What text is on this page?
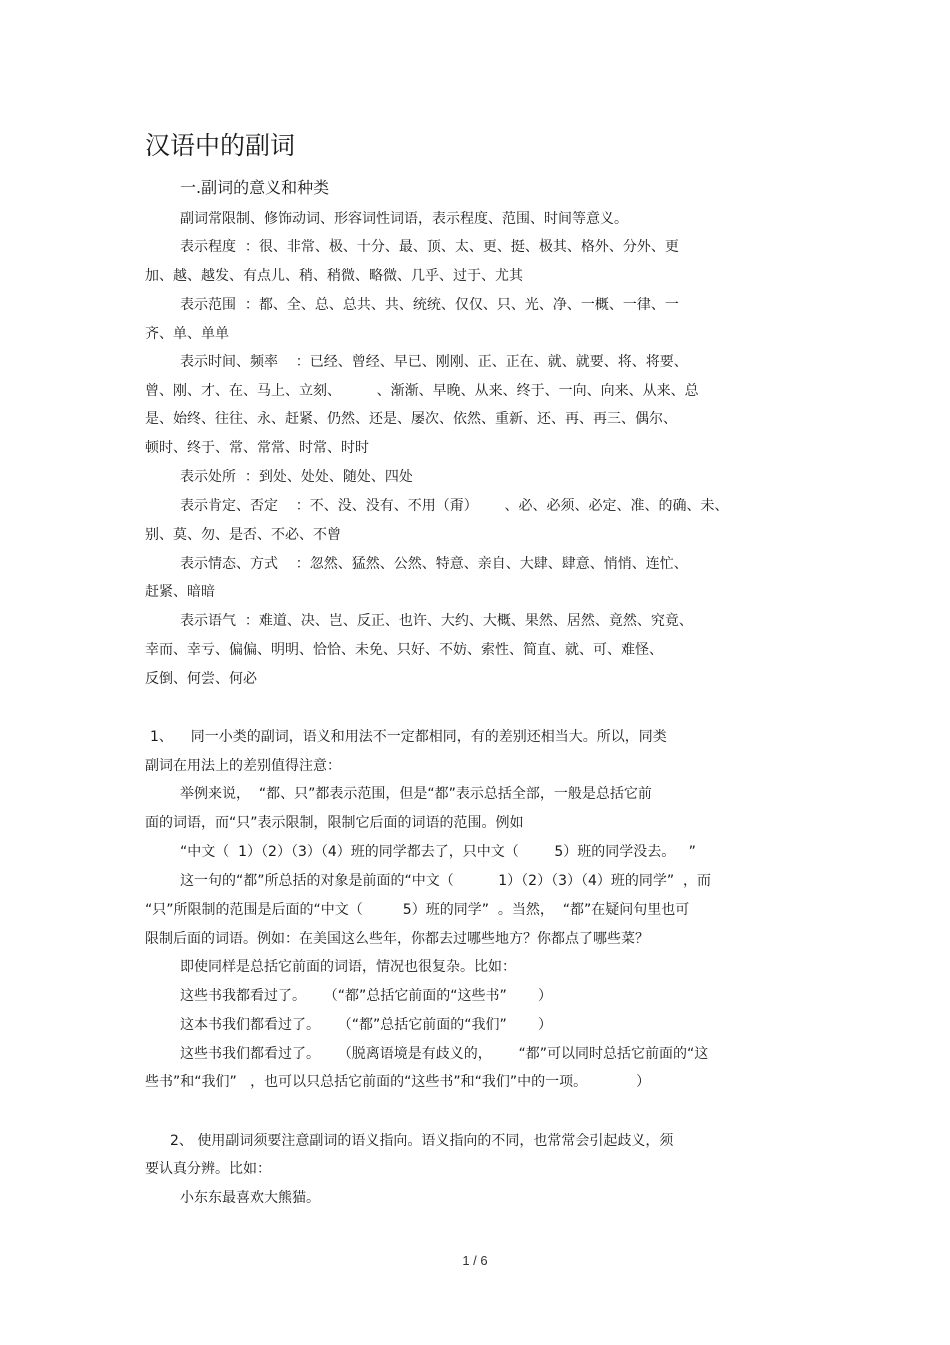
汉语中的副词
一.副词的意义和种类
副词常限制、修饰动词、形容词性词语，表示程度、范围、时间等意义。
表示程度  ：很、非常、极、十分、最、顶、太、更、挺、极其、格外、分外、更
加、越、越发、有点儿、稍、稍微、略微、几乎、过于、尤其
表示范围  ：都、全、总、总共、共、统统、仅仅、只、光、净、一概、一律、一
齐、单、单单
表示时间、频率    ：已经、曾经、早已、刚刚、正、正在、就、就要、将、将要、
曾、刚、才、在、马上、立刻、        、渐渐、早晚、从来、终于、一向、向来、从来、总
是、始终、往往、永、赶紧、仍然、还是、屡次、依然、重新、还、再、再三、偶尔、
顿时、终于、常、常常、时常、时时
表示处所  ：到处、处处、随处、四处
表示肯定、否定    ：不、没、没有、不用（甭）      、必、必须、必定、准、的确、未、
别、莫、勿、是否、不必、不曾
表示情态、方式    ：忽然、猛然、公然、特意、亲自、大肆、肆意、悄悄、连忙、
赶紧、暗暗
表示语气  ：难道、决、岂、反正、也许、大约、大概、果然、居然、竟然、究竟、
幸而、幸亏、偏偏、明明、恰恰、未免、只好、不妨、索性、简直、就、可、难怪、
反倒、何尝、何必
1、    同一小类的副词，语义和用法不一定都相同，有的差别还相当大。所以，同类
副词在用法上的差别值得注意：
举例来说，  “都、只”都表示范围，但是“都”表示总括全部，一般是总括它前
面的词语，而“只”表示限制，限制它后面的词语的范围。例如
“中文（  1）（2）（3）（4）班的同学都去了，只中文（        5）班的同学没去。   ”
这一句的“都”所总括的对象是前面的“中文（          1）（2）（3）（4）班的同学”  ，而
“只”所限制的范围是后面的“中文（         5）班的同学”  。当然，  “都”在疑问句里也可
限制后面的词语。例如：在美国这么些年，你都去过哪些地方？你都点了哪些菜？
即使同样是总括它前面的词语，情况也很复杂。比如：
这些书我都看过了。    （“都”总括它前面的“这些书”       ）
这本书我们都看过了。    （“都”总括它前面的“我们”       ）
这些书我们都看过了。    （脱离语境是有歧义的，      “都”可以同时总括它前面的“这
些书”和“我们”   ，也可以只总括它前面的“这些书”和“我们”中的一项。           ）
2、 使用副词须要注意副词的语义指向。语义指向的不同，也常常会引起歧义，须
要认真分辨。比如：
小东东最喜欢大熊猫。
1 / 6
